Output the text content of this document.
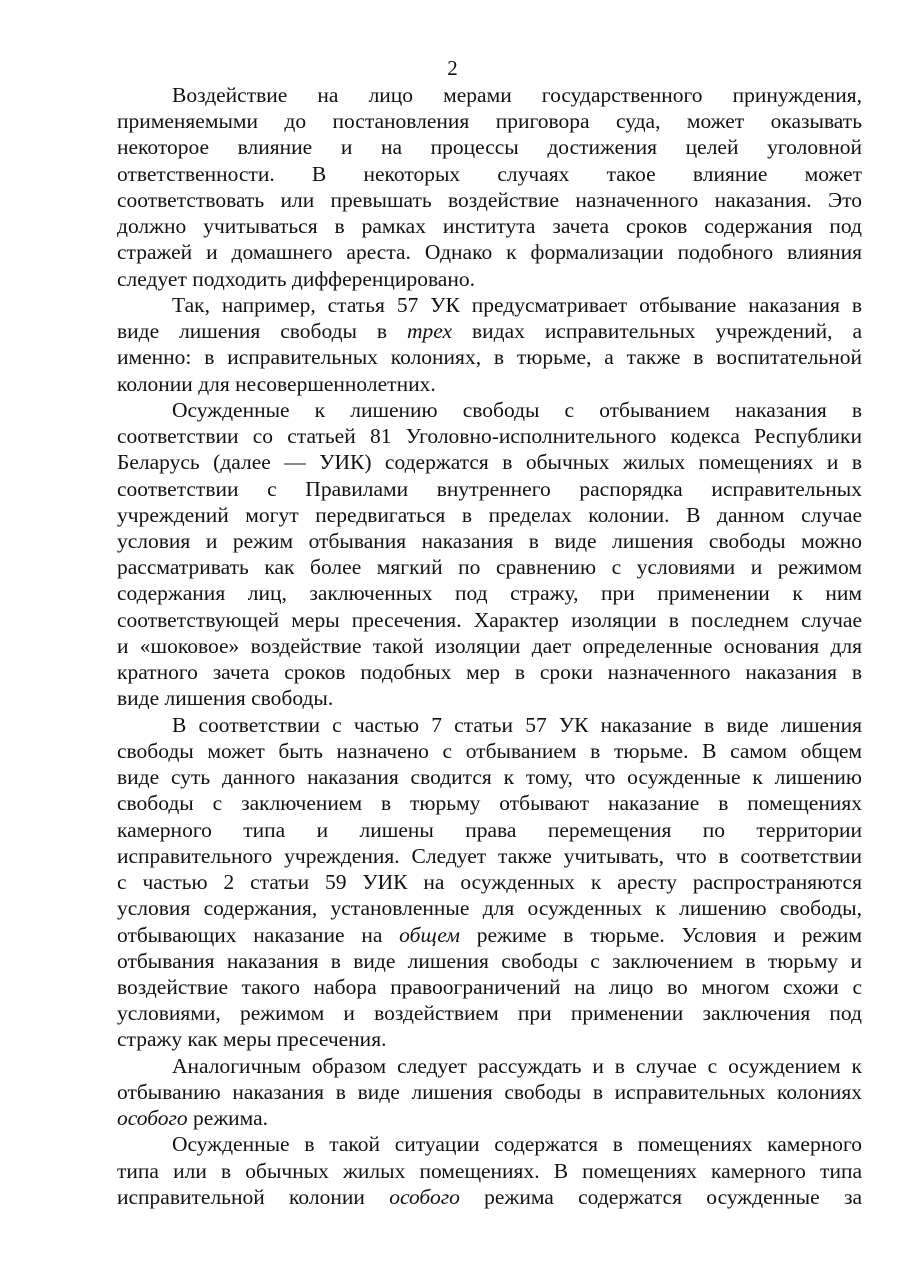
2
Воздействие на лицо мерами государственного принуждения,
применяемыми до постановления приговора суда, может оказывать
некоторое влияние и на процессы достижения целей уголовной
ответственности. В некоторых случаях такое влияние может
соответствовать или превышать воздействие назначенного наказания. Это
должно учитываться в рамках института зачета сроков содержания под
стражей и домашнего ареста. Однако к формализации подобного влияния
следует подходить дифференцировано.
Так, например, статья 57 УК предусматривает отбывание наказания в
виде лишения свободы в трех видах исправительных учреждений, а
именно: в исправительных колониях, в тюрьме, а также в воспитательной
колонии для несовершеннолетних.
Осужденные к лишению свободы с отбыванием наказания в
соответствии со статьей 81 Уголовно-исполнительного кодекса Республики
Беларусь (далее — УИК) содержатся в обычных жилых помещениях и в
соответствии с Правилами внутреннего распорядка исправительных
учреждений могут передвигаться в пределах колонии. В данном случае
условия и режим отбывания наказания в виде лишения свободы можно
рассматривать как более мягкий по сравнению с условиями и режимом
содержания лиц, заключенных под стражу, при применении к ним
соответствующей меры пресечения. Характер изоляции в последнем случае
и «шоковое» воздействие такой изоляции дает определенные основания для
кратного зачета сроков подобных мер в сроки назначенного наказания в
виде лишения свободы.
В соответствии с частью 7 статьи 57 УК наказание в виде лишения
свободы может быть назначено с отбыванием в тюрьме. В самом общем
виде суть данного наказания сводится к тому, что осужденные к лишению
свободы с заключением в тюрьму отбывают наказание в помещениях
камерного типа и лишены права перемещения по территории
исправительного учреждения. Следует также учитывать, что в соответствии
с частью 2 статьи 59 УИК на осужденных к аресту распространяются
условия содержания, установленные для осужденных к лишению свободы,
отбывающих наказание на общем режиме в тюрьме. Условия и режим
отбывания наказания в виде лишения свободы с заключением в тюрьму и
воздействие такого набора правоограничений на лицо во многом схожи с
условиями, режимом и воздействием при применении заключения под
стражу как меры пресечения.
Аналогичным образом следует рассуждать и в случае с осуждением к
отбыванию наказания в виде лишения свободы в исправительных колониях
особого режима.
Осужденные в такой ситуации содержатся в помещениях камерного
типа или в обычных жилых помещениях. В помещениях камерного типа
исправительной колонии особого режима содержатся осужденные за
